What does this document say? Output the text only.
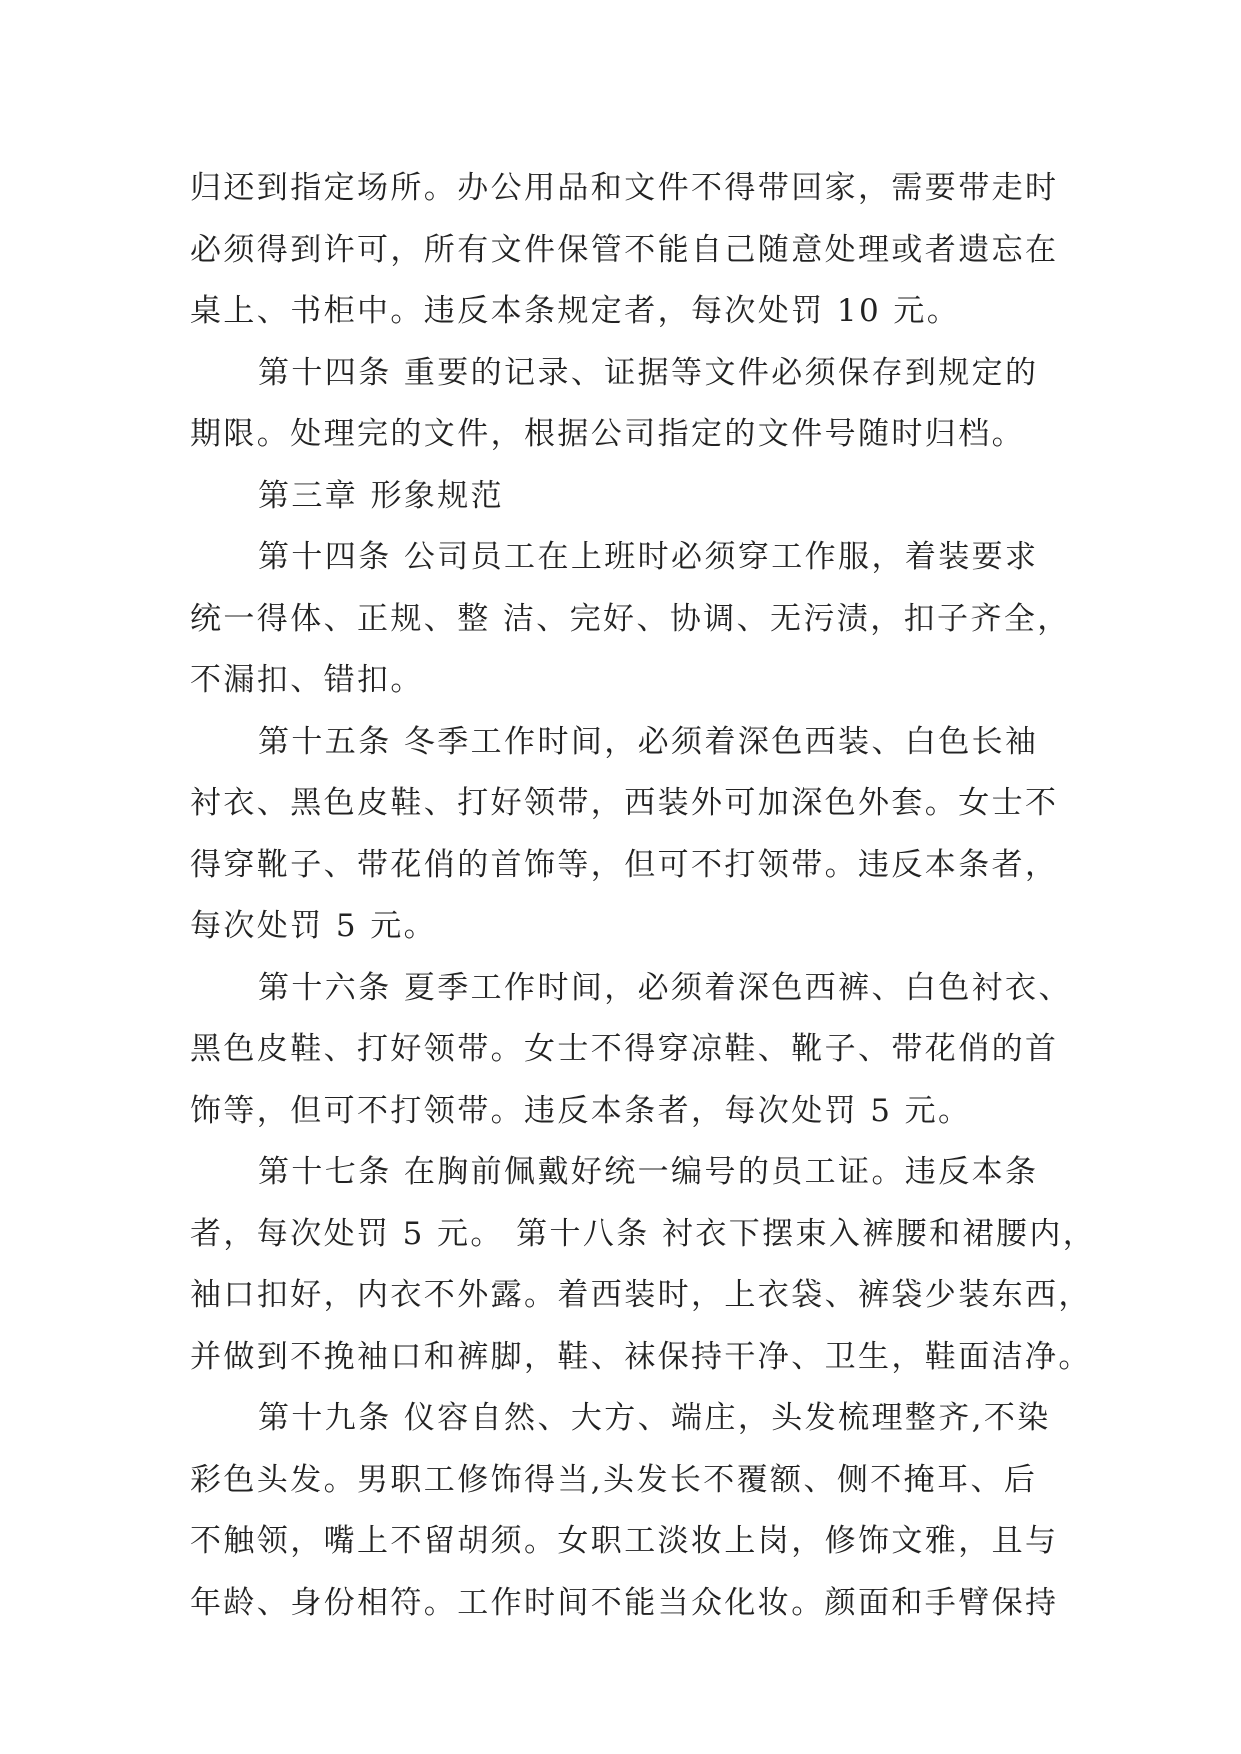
归还到指定场所。办公用品和文件不得带回家，需要带走时
必须得到许可，所有文件保管不能自己随意处理或者遗忘在
桌上、书柜中。违反本条规定者，每次处罚 10 元。
第十四条 重要的记录、证据等文件必须保存到规定的
期限。处理完的文件，根据公司指定的文件号随时归档。
第三章 形象规范
第十四条 公司员工在上班时必须穿工作服，着装要求
统一得体、正规、整 洁、完好、协调、无污渍，扣子齐全，
不漏扣、错扣。
第十五条 冬季工作时间，必须着深色西装、白色长袖
衬衣、黑色皮鞋、打好领带，西装外可加深色外套。女士不
得穿靴子、带花俏的首饰等，但可不打领带。违反本条者，
每次处罚 5 元。
第十六条 夏季工作时间，必须着深色西裤、白色衬衣、
黑色皮鞋、打好领带。女士不得穿凉鞋、靴子、带花俏的首
饰等，但可不打领带。违反本条者，每次处罚 5 元。
第十七条 在胸前佩戴好统一编号的员工证。违反本条
者，每次处罚 5 元。 第十八条 衬衣下摆束入裤腰和裙腰内，
袖口扣好，内衣不外露。着西装时，上衣袋、裤袋少装东西，
并做到不挽袖口和裤脚，鞋、袜保持干净、卫生，鞋面洁净。
第十九条 仪容自然、大方、端庄，头发梳理整齐,不染
彩色头发。男职工修饰得当,头发长不覆额、侧不掩耳、后
不触领，嘴上不留胡须。女职工淡妆上岗，修饰文雅，且与
年龄、身份相符。工作时间不能当众化妆。颜面和手臂保持
